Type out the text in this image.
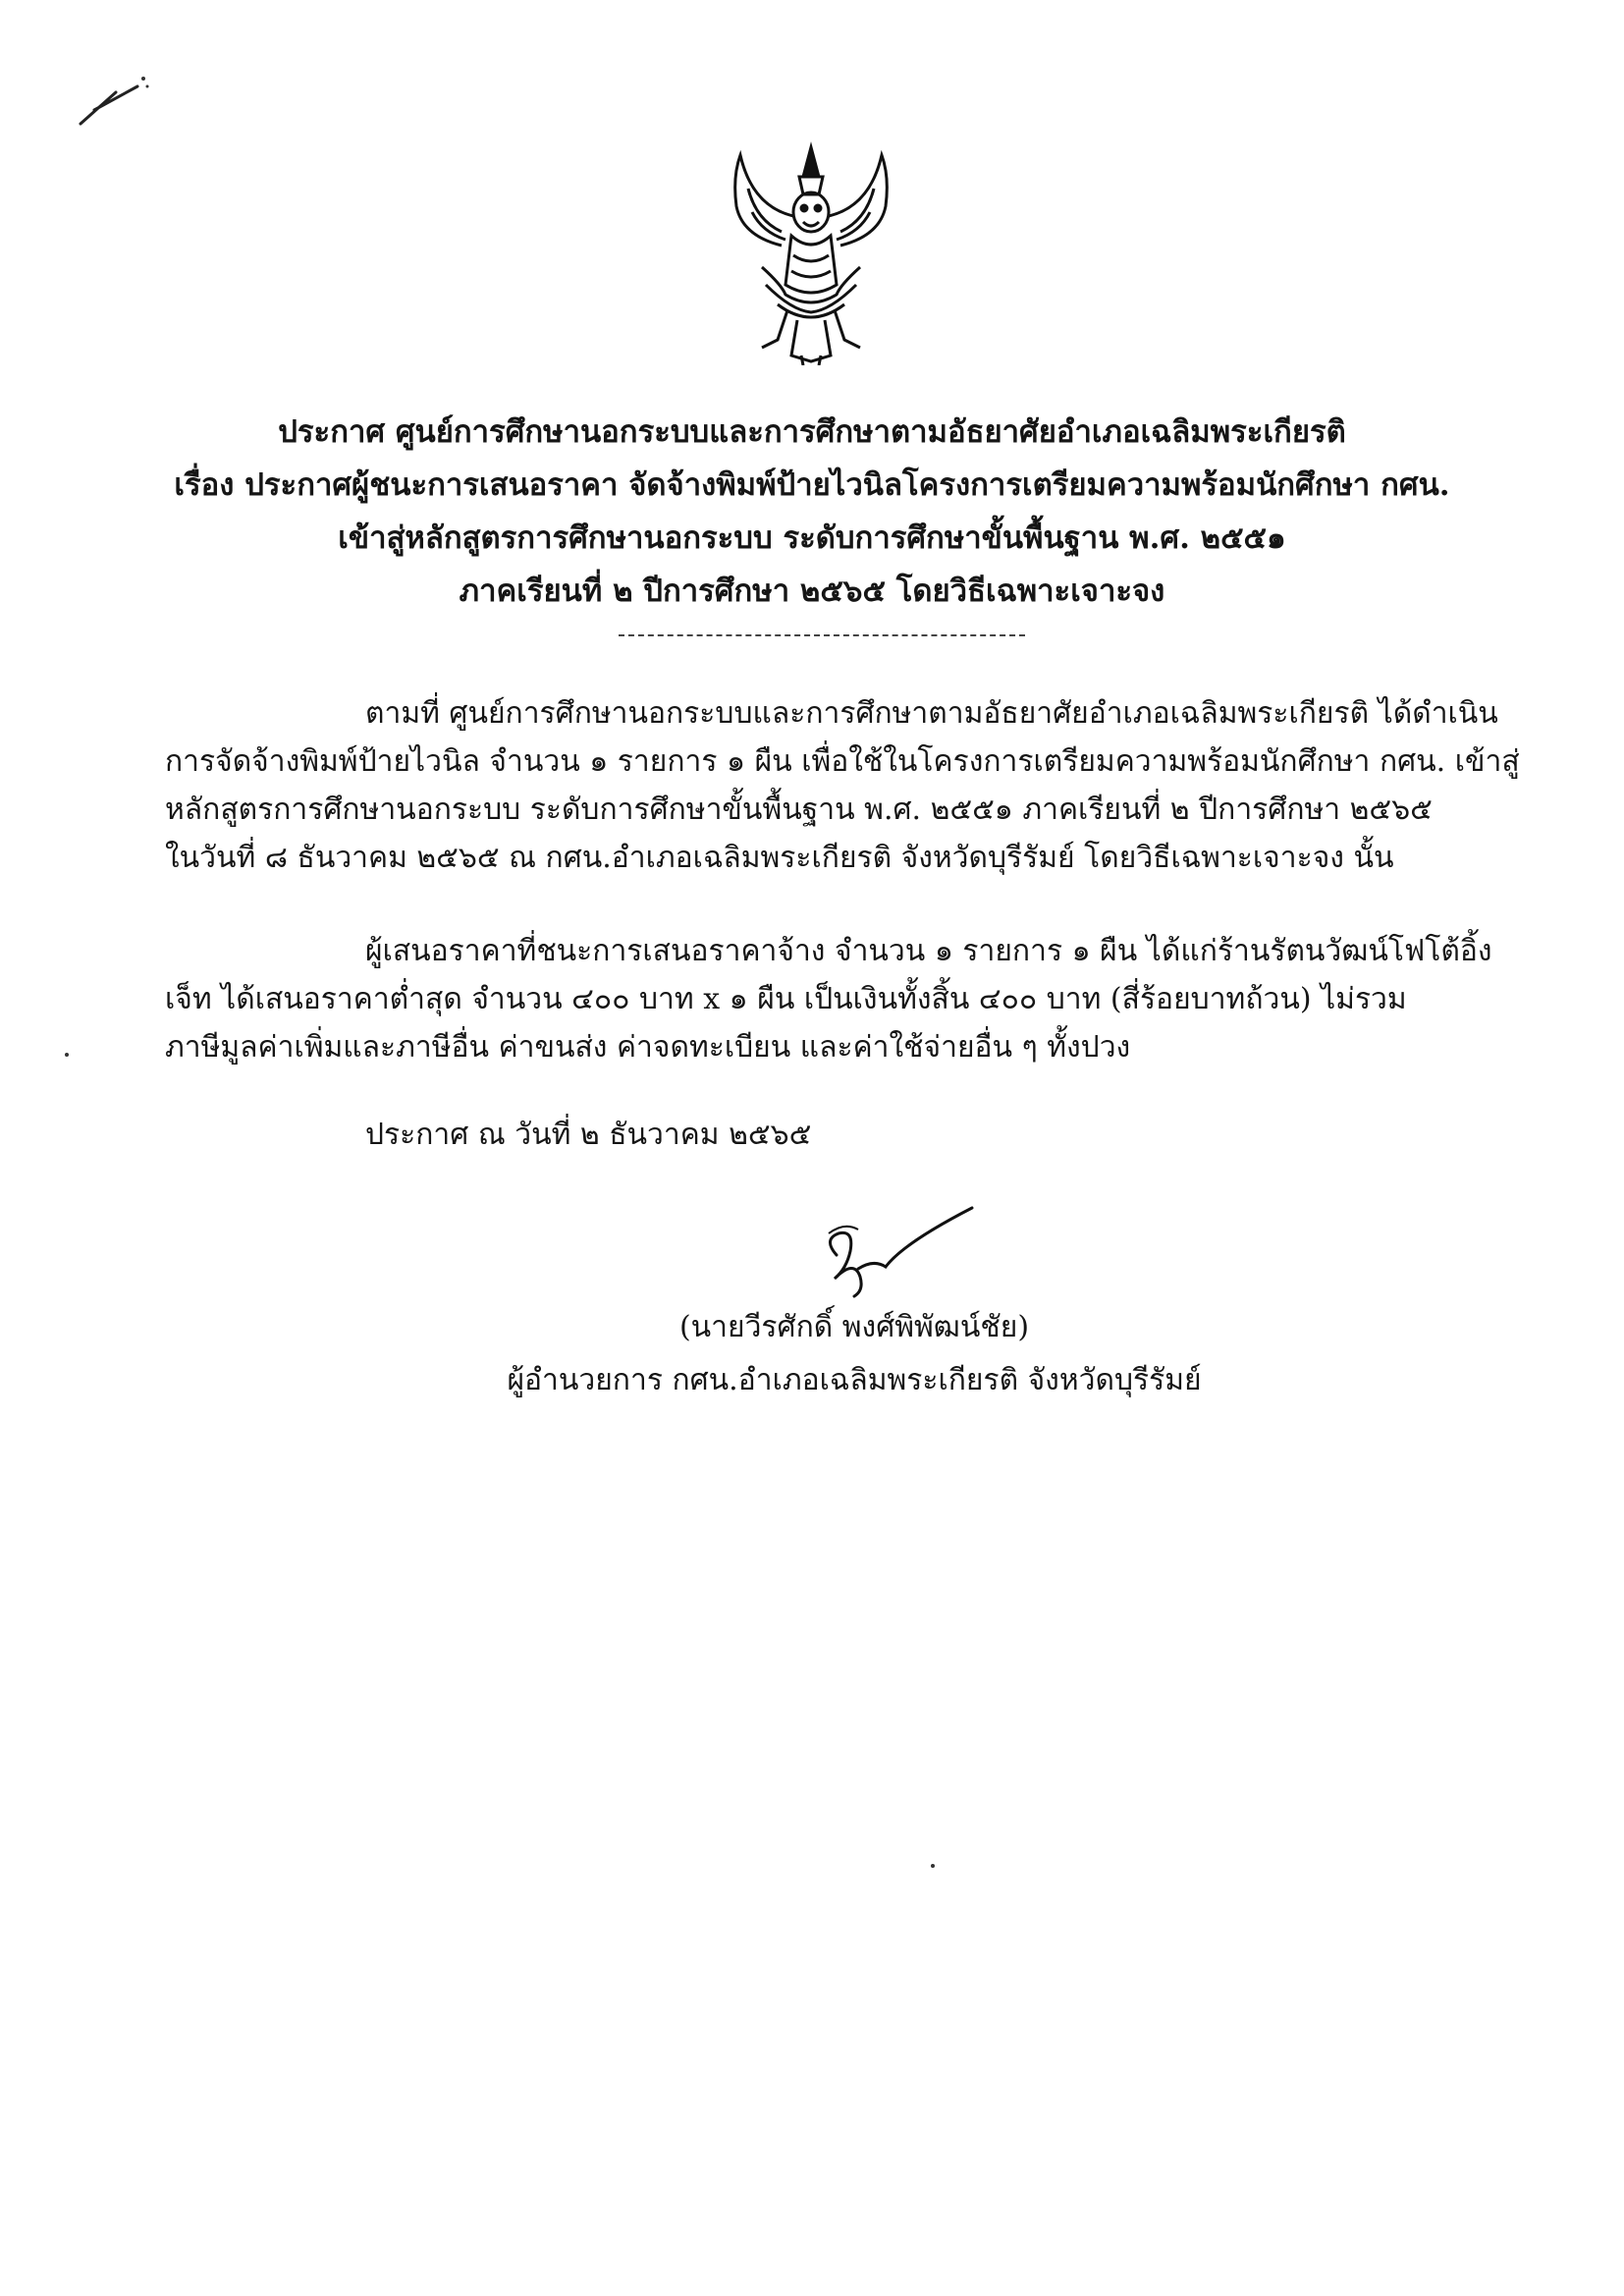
ประกาศ ศูนย์การศึกษานอกระบบและการศึกษาตามอัธยาศัยอำเภอเฉลิมพระเกียรติ
เรื่อง ประกาศผู้ชนะการเสนอราคา จัดจ้างพิมพ์ป้ายไวนิลโครงการเตรียมความพร้อมนักศึกษา กศน.
เข้าสู่หลักสูตรการศึกษานอกระบบ ระดับการศึกษาขั้นพื้นฐาน พ.ศ. ๒๕๕๑
ภาคเรียนที่ ๒ ปีการศึกษา ๒๕๖๕ โดยวิธีเฉพาะเจาะจง
ตามที่ ศูนย์การศึกษานอกระบบและการศึกษาตามอัธยาศัยอำเภอเฉลิมพระเกียรติ ได้ดำเนิน
การจัดจ้างพิมพ์ป้ายไวนิล จำนวน ๑ รายการ ๑ ผืน เพื่อใช้ในโครงการเตรียมความพร้อมนักศึกษา กศน. เข้าสู่
หลักสูตรการศึกษานอกระบบ ระดับการศึกษาขั้นพื้นฐาน พ.ศ. ๒๕๕๑ ภาคเรียนที่ ๒ ปีการศึกษา ๒๕๖๕
ในวันที่ ๘ ธันวาคม ๒๕๖๕ ณ กศน.อำเภอเฉลิมพระเกียรติ จังหวัดบุรีรัมย์ โดยวิธีเฉพาะเจาะจง นั้น
ผู้เสนอราคาที่ชนะการเสนอราคาจ้าง จำนวน ๑ รายการ ๑ ผืน ได้แก่ร้านรัตนวัฒน์โฟโต้อิ้ง
เจ็ท ได้เสนอราคาต่ำสุด จำนวน ๔๐๐ บาท x ๑ ผืน เป็นเงินทั้งสิ้น ๔๐๐ บาท (สี่ร้อยบาทถ้วน) ไม่รวม
ภาษีมูลค่าเพิ่มและภาษีอื่น ค่าขนส่ง ค่าจดทะเบียน และค่าใช้จ่ายอื่น ๆ ทั้งปวง
ประกาศ ณ วันที่ ๒ ธันวาคม ๒๕๖๕
(นายวีรศักดิ์ พงศ์พิพัฒน์ชัย)
ผู้อำนวยการ กศน.อำเภอเฉลิมพระเกียรติ จังหวัดบุรีรัมย์
